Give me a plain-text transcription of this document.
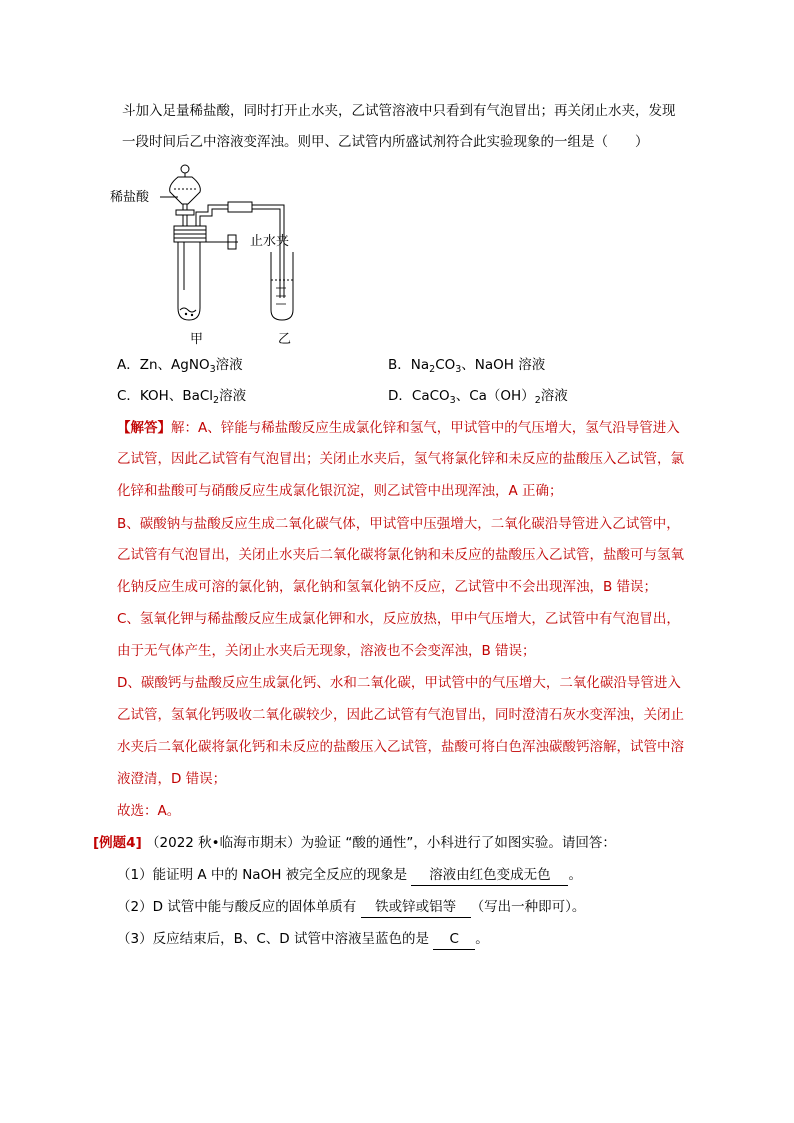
斗加入足量稀盐酸，同时打开止水夹，乙试管溶液中只看到有气泡冒出；再关闭止水夹，发现
一段时间后乙中溶液变浑浊。则甲、乙试管内所盛试剂符合此实验现象的一组是（　　）
稀盐酸
止水夹
甲	乙
A．Zn、AgNO$_3$溶液	B．$Na_2CO_3$、NaOH 溶液
C．KOH、BaCl$_2$溶液	D．CaCO$_3$、$Ca(OH)_2$溶液
【解答】解：A、锌能与稀盐酸反应生成氯化锌和氢气，甲试管中的气压增大，氢气沿导管进入
乙试管，因此乙试管有气泡冒出；关闭止水夹后，氢气将氯化锌和未反应的盐酸压入乙试管，氯
化锌和盐酸可与硝酸反应生成氯化银沉淀，则乙试管中出现浑浊，A 正确；
B、碳酸钠与盐酸反应生成二氧化碳气体，甲试管中压强增大，二氧化碳沿导管进入乙试管中，
乙试管有气泡冒出，关闭止水夹后二氧化碳将氯化钠和未反应的盐酸压入乙试管，盐酸可与氢氧
化钠反应生成可溶的氯化钠，氯化钠和氢氧化钠不反应，乙试管中不会出现浑浊，B 错误；
C、氢氧化钾与稀盐酸反应生成氯化钾和水，反应放热，甲中气压增大，乙试管中有气泡冒出，
由于无气体产生，关闭止水夹后无现象，溶液也不会变浑浊，B 错误；
D、碳酸钙与盐酸反应生成氯化钙、水和二氧化碳，甲试管中的气压增大，二氧化碳沿导管进入
乙试管，氢氧化钙吸收二氧化碳较少，因此乙试管有气泡冒出，同时澄清石灰水变浑浊，关闭止
水夹后二氧化碳将氯化钙和未反应的盐酸压入乙试管，盐酸可将白色浑浊碳酸钙溶解，试管中溶
液澄清，D 错误；
故选：A。
[例题4] （2022 秋•临海市期末）为验证 “酸的通性”，小科进行了如图实验。请回答：
（1）能证明 A 中的 NaOH 被完全反应的现象是 溶液由红色变成无色 。
（2）D 试管中能与酸反应的固体单质有 铁或锌或铝等 （写出一种即可）。
（3）反应结束后，B、C、D 试管中溶液呈蓝色的是 C 。
